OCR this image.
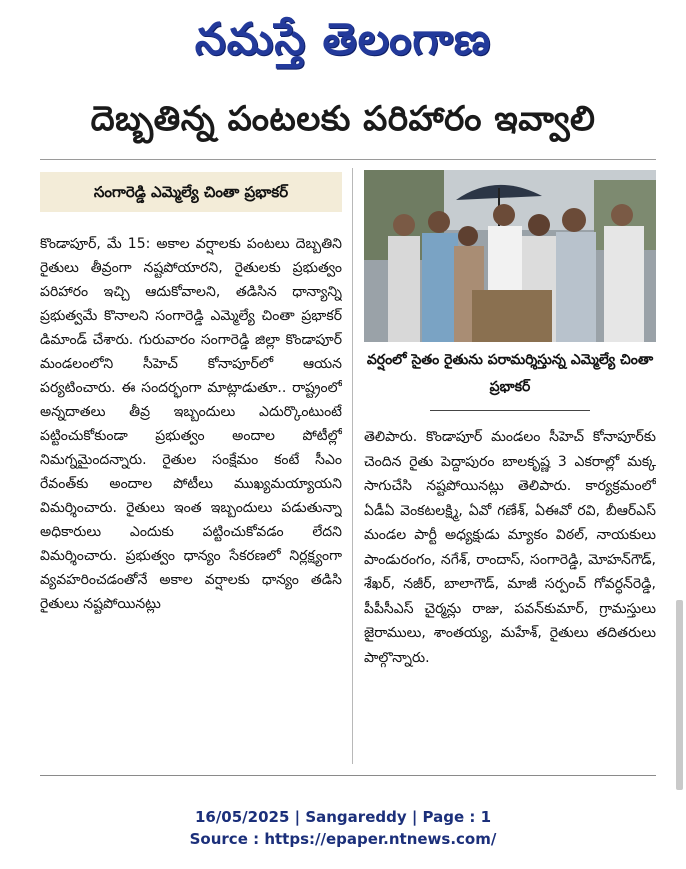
నమస్తే తెలంగాణ
దెబ్బతిన్న పంటలకు పరిహారం ఇవ్వాలి
సంగారెడ్డి ఎమ్మెల్యే చింతా ప్రభాకర్
కొండాపూర్, మే 15: అకాల వర్షాలకు పంటలు దెబ్బతిని రైతులు తీవ్రంగా నష్టపోయారని, రైతులకు ప్రభుత్వం పరిహారం ఇచ్చి ఆదుకోవాలని, తడిసిన ధాన్యాన్ని ప్రభుత్వమే కొనాలని సంగారెడ్డి ఎమ్మెల్యే చింతా ప్రభాకర్ డిమాండ్ చేశారు. గురువారం సంగారెడ్డి జిల్లా కొండాపూర్ మండలంలోని సీహెచ్ కోనాపూర్‌లో ఆయన పర్యటించారు. ఈ సందర్భంగా మాట్లాడుతూ.. రాష్ట్రంలో అన్నదాతలు తీవ్ర ఇబ్బందులు ఎదుర్కొంటుంటే పట్టించుకోకుండా ప్రభుత్వం అందాల పోటీల్లో నిమగ్నమైందన్నారు. రైతుల సంక్షేమం కంటే సీఎం రేవంత్‌కు అందాల పోటీలు ముఖ్యమయ్యాయని విమర్శించారు. రైతులు ఇంత ఇబ్బందులు పడుతున్నా అధికారులు ఎందుకు పట్టించుకోవడం లేదని విమర్శించారు. ప్రభుత్వం ధాన్యం సేకరణలో నిర్లక్ష్యంగా వ్యవహరించడంతోనే అకాల వర్షాలకు ధాన్యం తడిసి రైతులు నష్టపోయినట్లు
వర్షంలో సైతం రైతును పరామర్శిస్తున్న ఎమ్మెల్యే చింతా ప్రభాకర్
తెలిపారు. కొండాపూర్ మండలం సీహెచ్ కోనాపూర్‌కు చెందిన రైతు పెద్దాపురం బాలకృష్ణ 3 ఎకరాల్లో మక్క సాగుచేసి నష్టపోయినట్లు తెలిపారు. కార్యక్రమంలో ఏడీఏ వెంకటలక్ష్మి, ఏవో గణేశ్, ఏఈవో రవి, బీఆర్ఎస్ మండల పార్టీ అధ్యక్షుడు మ్యాకం విఠల్, నాయకులు పాండురంగం, నగేశ్, రాందాస్, సంగారెడ్డి, మోహన్‌గౌడ్, శేఖర్, నజీర్, బాలాగౌడ్, మాజీ సర్పంచ్ గోవర్ధన్‌రెడ్డి, పీపీసీఎస్ చైర్మన్లు రాజు, పవన్‌కుమార్, గ్రామస్తులు జైరాములు, శాంతయ్య, మహేశ్, రైతులు తదితరులు పాల్గొన్నారు.
16/05/2025 | Sangareddy | Page : 1
Source : https://epaper.ntnews.com/
